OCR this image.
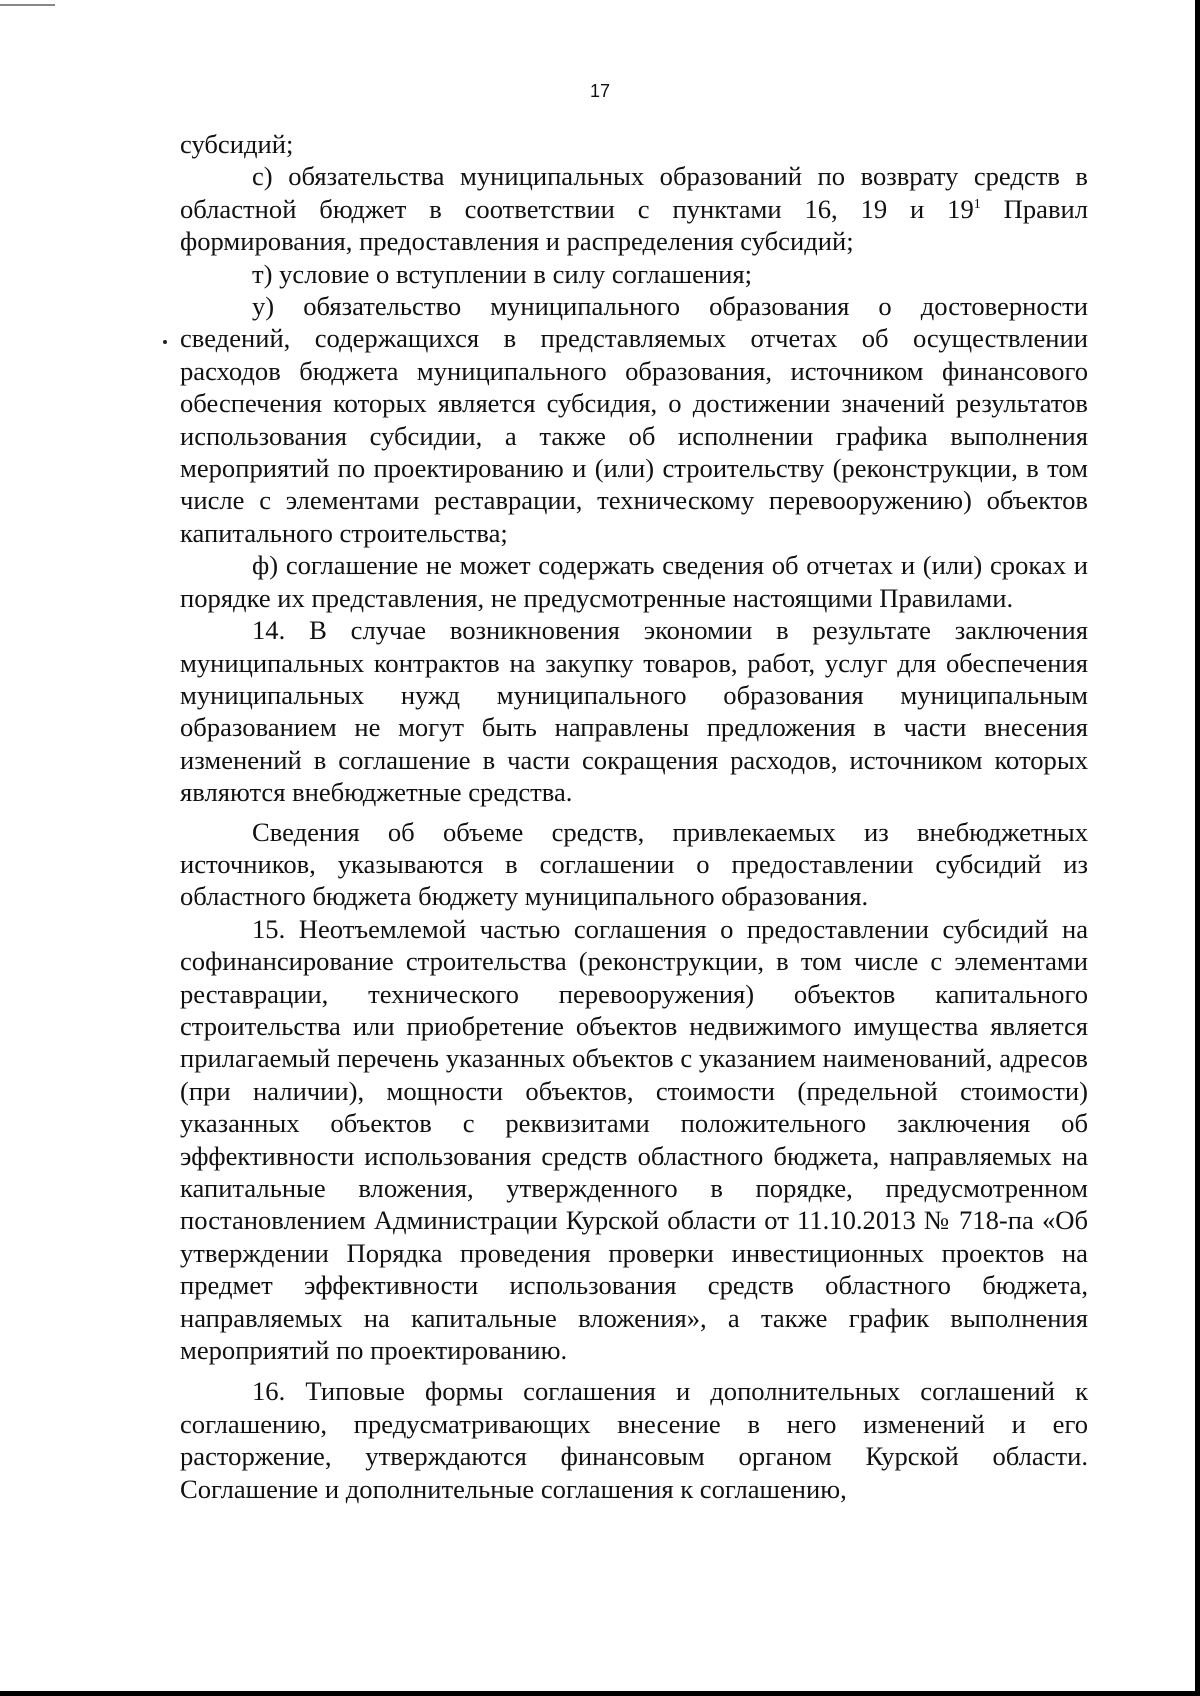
17

субсидий;

с) обязательства муниципальных образований по возврату средств в областной бюджет в соответствии с пунктами 16, 19 и $19^1$ Правил формирования, предоставления и распределения субсидий;

т) условие о вступлении в силу соглашения;

у) обязательство муниципального образования о достоверности сведений, содержащихся в представляемых отчетах об осуществлении расходов бюджета муниципального образования, источником финансового обеспечения которых является субсидия, о достижении значений результатов использования субсидии, а также об исполнении графика выполнения мероприятий по проектированию и (или) строительству (реконструкции, в том числе с элементами реставрации, техническому перевооружению) объектов капитального строительства;

ф) соглашение не может содержать сведения об отчетах и (или) сроках и порядке их представления, не предусмотренные настоящими Правилами.

14. В случае возникновения экономии в результате заключения муниципальных контрактов на закупку товаров, работ, услуг для обеспечения муниципальных нужд муниципального образования муниципальным образованием не могут быть направлены предложения в части внесения изменений в соглашение в части сокращения расходов, источником которых являются внебюджетные средства.

Сведения об объеме средств, привлекаемых из внебюджетных источников, указываются в соглашении о предоставлении субсидий из областного бюджета бюджету муниципального образования.

15. Неотъемлемой частью соглашения о предоставлении субсидий на софинансирование строительства (реконструкции, в том числе с элементами реставрации, технического перевооружения) объектов капитального строительства или приобретение объектов недвижимого имущества является прилагаемый перечень указанных объектов с указанием наименований, адресов (при наличии), мощности объектов, стоимости (предельной стоимости) указанных объектов с реквизитами положительного заключения об эффективности использования средств областного бюджета, направляемых на капитальные вложения, утвержденного в порядке, предусмотренном постановлением Администрации Курской области от 11.10.2013 № 718-па «Об утверждении Порядка проведения проверки инвестиционных проектов на предмет эффективности использования средств областного бюджета, направляемых на капитальные вложения», а также график выполнения мероприятий по проектированию.

16. Типовые формы соглашения и дополнительных соглашений к соглашению, предусматривающих внесение в него изменений и его расторжение, утверждаются финансовым органом Курской области. Соглашение и дополнительные соглашения к соглашению,
